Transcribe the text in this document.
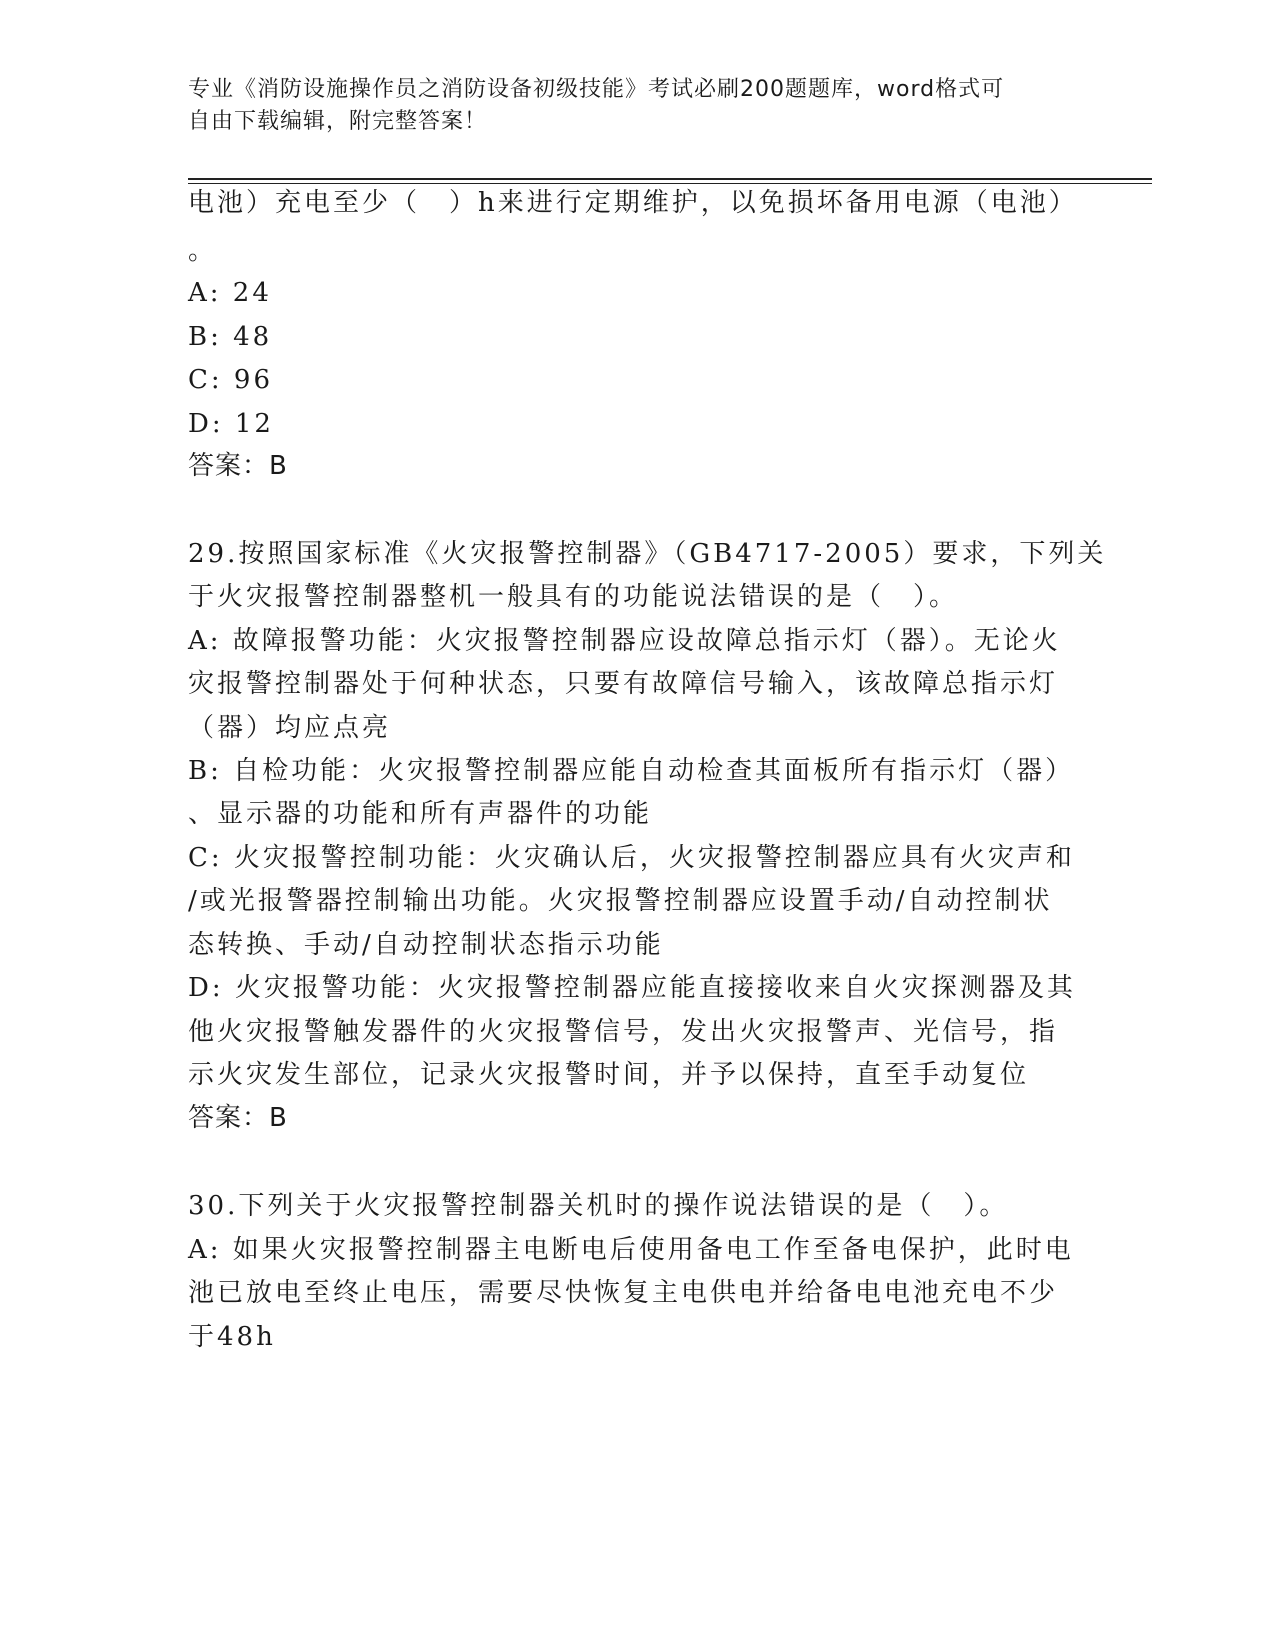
专业《消防设施操作员之消防设备初级技能》考试必刷200题题库，word格式可
自由下载编辑，附完整答案！
电池）充电至少（　）h来进行定期维护，以免损坏备用电源（电池）
。
A: 24
B: 48
C: 96
D: 12
答案：B
29.按照国家标准《火灾报警控制器》（GB4717-2005）要求，下列关
于火灾报警控制器整机一般具有的功能说法错误的是（　）。
A: 故障报警功能：火灾报警控制器应设故障总指示灯（器）。无论火
灾报警控制器处于何种状态，只要有故障信号输入，该故障总指示灯
（器）均应点亮
B: 自检功能：火灾报警控制器应能自动检查其面板所有指示灯（器）
、显示器的功能和所有声器件的功能
C: 火灾报警控制功能：火灾确认后，火灾报警控制器应具有火灾声和
/或光报警器控制输出功能。火灾报警控制器应设置手动/自动控制状
态转换、手动/自动控制状态指示功能
D: 火灾报警功能：火灾报警控制器应能直接接收来自火灾探测器及其
他火灾报警触发器件的火灾报警信号，发出火灾报警声、光信号，指
示火灾发生部位，记录火灾报警时间，并予以保持，直至手动复位
答案：B
30.下列关于火灾报警控制器关机时的操作说法错误的是（　）。
A: 如果火灾报警控制器主电断电后使用备电工作至备电保护，此时电
池已放电至终止电压，需要尽快恢复主电供电并给备电电池充电不少
于48h
